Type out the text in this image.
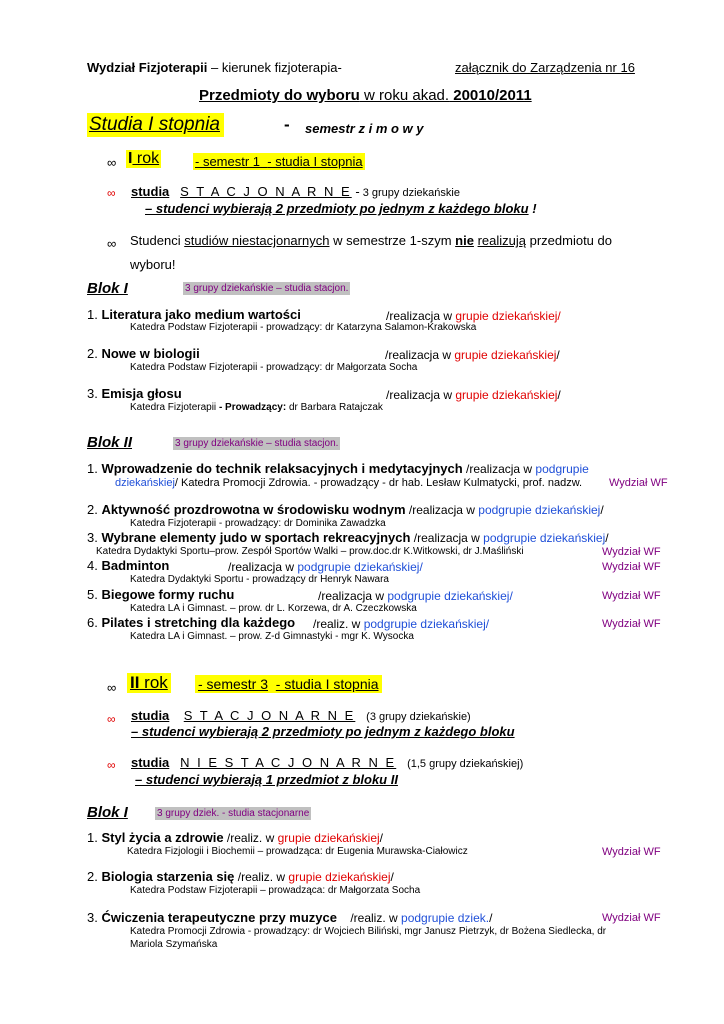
Wydział Fizjoterapii – kierunek fizjoterapia-	załącznik do Zarządzenia nr 16
Przedmioty do wyboru w roku akad. 20010/2011
Studia I stopnia	- semestr z i m o w y
∞ I rok	- semestr 1 - studia I stopnia
∞ studia S T A C J O N A R N E - 3 grupy dziekańskie
– studenci wybierają 2 przedmioty po jednym z każdego bloku !
∞ Studenci studiów niestacjonarnych w semestrze 1-szym nie realizują przedmiotu do
wyboru!
Blok I	3 grupy dziekańskie – studia stacjon.
1. Literatura jako medium wartości	/realizacja w grupie dziekańskiej/
Katedra Podstaw Fizjoterapii - prowadzący: dr Katarzyna Salamon-Krakowska
2. Nowe w biologii	/realizacja w grupie dziekańskiej/
Katedra Podstaw Fizjoterapii - prowadzący: dr Małgorzata Socha
3. Emisja głosu	/realizacja w grupie dziekańskiej/
Katedra Fizjoterapii - Prowadzący: dr Barbara Ratajczak
Blok II	3 grupy dziekańskie – studia stacjon.
1. Wprowadzenie do technik relaksacyjnych i medytacyjnych /realizacja w podgrupie
dziekańskiej/ Katedra Promocji Zdrowia. - prowadzący - dr hab. Lesław Kulmatycki, prof. nadzw. Wydział WF
2. Aktywność prozdrowotna w środowisku wodnym /realizacja w podgrupie dziekańskiej/
Katedra Fizjoterapii - prowadzący: dr Dominika Zawadzka
3. Wybrane elementy judo w sportach rekreacyjnych /realizacja w podgrupie dziekańskiej/
Katedra Dydaktyki Sportu–prow. Zespół Sportów Walki – prow.doc.dr K.Witkowski, dr J.Maśliński	Wydział WF
4. Badminton	/realizacja w podgrupie dziekańskiej/	Wydział WF
Katedra Dydaktyki Sportu - prowadzący dr Henryk Nawara
5. Biegowe formy ruchu	/realizacja w podgrupie dziekańskiej/	Wydział WF
Katedra LA i Gimnast. – prow. dr L. Korzewa, dr A. Czeczkowska
6. Pilates i stretching dla każdego /realiz. w podgrupie dziekańskiej/	Wydział WF
Katedra LA i Gimnast. – prow. Z-d Gimnastyki - mgr K. Wysocka
∞ II rok - semestr 3 - studia I stopnia
∞ studia S T A C J O N A R N E (3 grupy dziekańskie)
– studenci wybierają 2 przedmioty po jednym z każdego bloku
∞ studia N I E S T A C J O N A R N E (1,5 grupy dziekańskiej)
– studenci wybierają 1 przedmiot z bloku II
Blok I	3 grupy dziek. - studia stacjonarne
1. Styl życia a zdrowie /realiz. w grupie dziekańskiej/
Katedra Fizjologii i Biochemii – prowadząca: dr Eugenia Murawska-Ciałowicz	Wydział WF
2. Biologia starzenia się /realiz. w grupie dziekańskiej/
Katedra Podstaw Fizjoterapii – prowadząca: dr Małgorzata Socha
3. Ćwiczenia terapeutyczne przy muzyce    /realiz. w podgrupie dziek./	Wydział WF
Katedra Promocji Zdrowia - prowadzący: dr Wojciech Biliński, mgr Janusz Pietrzyk, dr Bożena Siedlecka, dr
Mariola Szymańska
